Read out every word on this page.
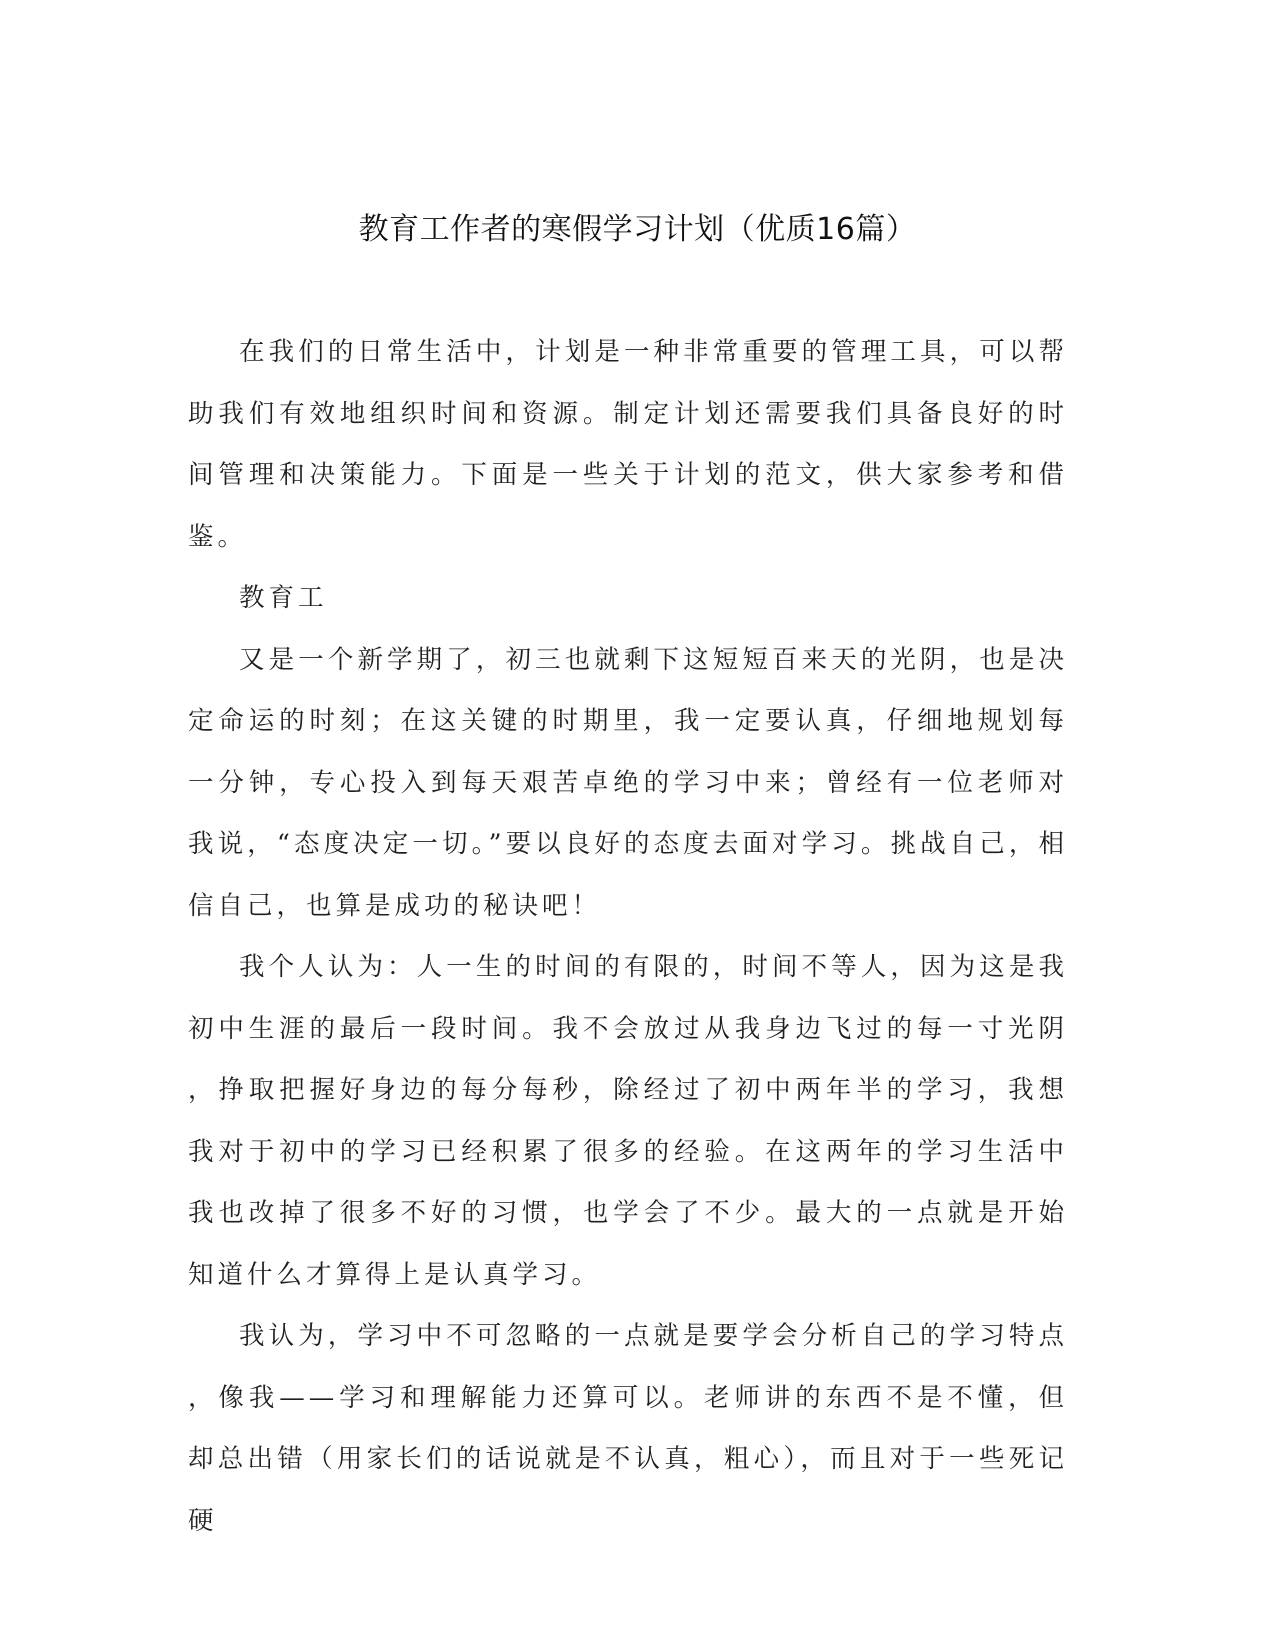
教育工作者的寒假学习计划（优质16篇）

在我们的日常生活中，计划是一种非常重要的管理工具，可以帮助我们有效地组织时间和资源。制定计划还需要我们具备良好的时间管理和决策能力。下面是一些关于计划的范文，供大家参考和借鉴。

教育工

又是一个新学期了，初三也就剩下这短短百来天的光阴，也是决定命运的时刻；在这关键的时期里，我一定要认真，仔细地规划每一分钟，专心投入到每天艰苦卓绝的学习中来；曾经有一位老师对我说，“态度决定一切。”要以良好的态度去面对学习。挑战自己，相信自己，也算是成功的秘诀吧！

我个人认为：人一生的时间的有限的，时间不等人，因为这是我初中生涯的最后一段时间。我不会放过从我身边飞过的每一寸光阴，挣取把握好身边的每分每秒，除经过了初中两年半的学习，我想我对于初中的学习已经积累了很多的经验。在这两年的学习生活中我也改掉了很多不好的习惯，也学会了不少。最大的一点就是开始知道什么才算得上是认真学习。

我认为，学习中不可忽略的一点就是要学会分析自己的学习特点，像我——学习和理解能力还算可以。老师讲的东西不是不懂，但却总出错（用家长们的话说就是不认真，粗心），而且对于一些死记硬
